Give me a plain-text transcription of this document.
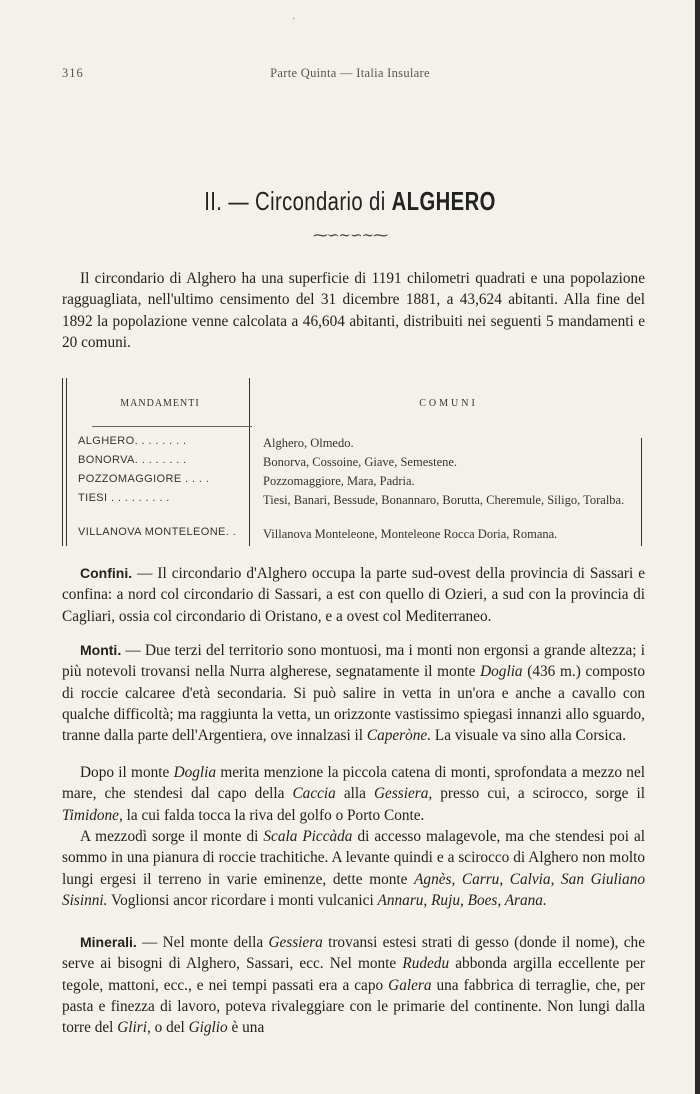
·
316	Parte Quinta — Italia Insulare
II. — Circondario di ALGHERO
⁓∽∼∽∼⁓

Il circondario di Alghero ha una superficie di 1191 chilometri quadrati e una popolazione ragguagliata, nell'ultimo censimento del 31 dicembre 1881, a 43,624 abitanti. Alla fine del 1892 la popolazione venne calcolata a 46,604 abitanti, distribuiti nei seguenti 5 mandamenti e 20 comuni.

MANDAMENTI	COMUNI
ALGHERO. . . . . . . .	Alghero, Olmedo.
BONORVA. . . . . . . .	Bonorva, Cossoine, Giave, Semestene.
POZZOMAGGIORE . . . .	Pozzomaggiore, Mara, Padria.
TIESI . . . . . . . . .	Tiesi, Banari, Bessude, Bonannaro, Borutta, Cheremule, Siligo, Toralba.
VILLANOVA MONTELEONE. .	Villanova Monteleone, Monteleone Rocca Doria, Romana.

Confini. — Il circondario d'Alghero occupa la parte sud-ovest della provincia di Sassari e confina: a nord col circondario di Sassari, a est con quello di Ozieri, a sud con la provincia di Cagliari, ossia col circondario di Oristano, e a ovest col Mediterraneo.

Monti. — Due terzi del territorio sono montuosi, ma i monti non ergonsi a grande altezza; i più notevoli trovansi nella Nurra algherese, segnatamente il monte Doglia (436 m.) composto di roccie calcaree d'età secondaria. Si può salire in vetta in un'ora e anche a cavallo con qualche difficoltà; ma raggiunta la vetta, un orizzonte vastissimo spiegasi innanzi allo sguardo, tranne dalla parte dell'Argentiera, ove innalzasi il Caperòne. La visuale va sino alla Corsica.

Dopo il monte Doglia merita menzione la piccola catena di monti, sprofondata a mezzo nel mare, che stendesi dal capo della Caccia alla Gessiera, presso cui, a scirocco, sorge il Timidone, la cui falda tocca la riva del golfo o Porto Conte.

A mezzodì sorge il monte di Scala Piccàda di accesso malagevole, ma che stendesi poi al sommo in una pianura di roccie trachitiche. A levante quindi e a scirocco di Alghero non molto lungi ergesi il terreno in varie eminenze, dette monte Agnès, Carru, Calvia, San Giuliano Sisinni. Voglionsi ancor ricordare i monti vulcanici Annaru, Ruju, Boes, Arana.

Minerali. — Nel monte della Gessiera trovansi estesi strati di gesso (donde il nome), che serve ai bisogni di Alghero, Sassari, ecc. Nel monte Rudedu abbonda argilla eccellente per tegole, mattoni, ecc., e nei tempi passati era a capo Galera una fabbrica di terraglie, che, per pasta e finezza di lavoro, poteva rivaleggiare con le primarie del continente. Non lungi dalla torre del Gliri, o del Giglio è una
